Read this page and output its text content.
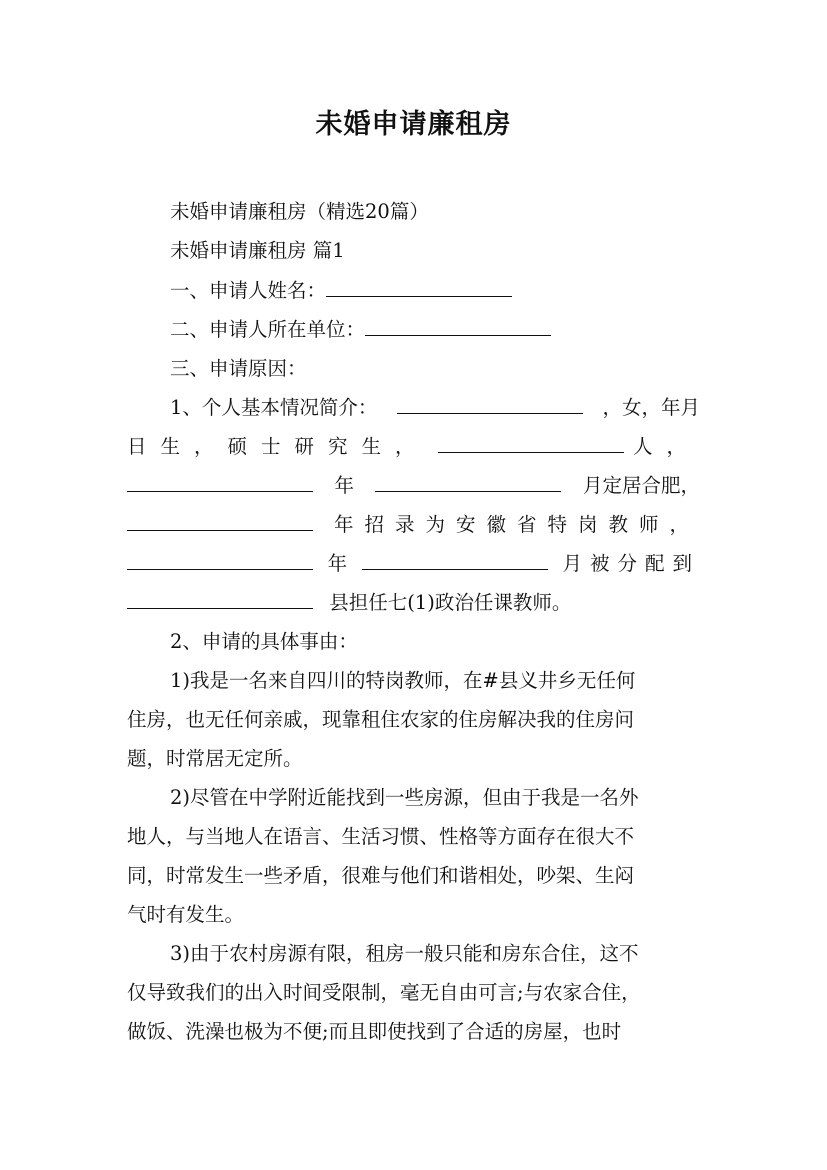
未婚申请廉租房
未婚申请廉租房（精选20篇）
未婚申请廉租房 篇1
一、申请人姓名：
二、申请人所在单位：
三、申请原因：
1、个人基本情况简介：	，女，年月
日生，硕士研究生，	人，
年	月定居合肥，
年招录为安徽省特岗教师，
年	月被分配到
县担任七(1)政治任课教师。
2、申请的具体事由：
1)我是一名来自四川的特岗教师，在#县义井乡无任何
住房，也无任何亲戚，现靠租住农家的住房解决我的住房问
题，时常居无定所。
2)尽管在中学附近能找到一些房源，但由于我是一名外
地人，与当地人在语言、生活习惯、性格等方面存在很大不
同，时常发生一些矛盾，很难与他们和谐相处，吵架、生闷
气时有发生。
3)由于农村房源有限，租房一般只能和房东合住，这不
仅导致我们的出入时间受限制，毫无自由可言;与农家合住，
做饭、洗澡也极为不便;而且即使找到了合适的房屋，也时
